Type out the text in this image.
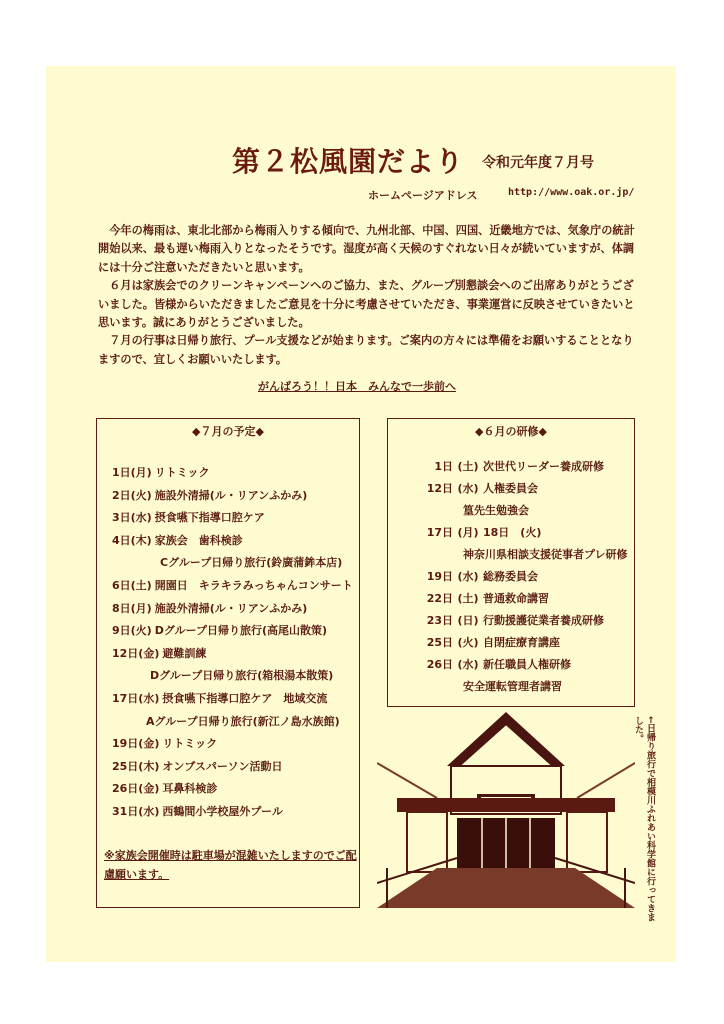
第２松風園だより 令和元年度７月号
ホームページアドレス	http://www.oak.or.jp/

今年の梅雨は、東北北部から梅雨入りする傾向で、九州北部、中国、四国、近畿地方では、気象庁の統計開始以来、最も遅い梅雨入りとなったそうです。湿度が高く天候のすぐれない日々が続いていますが、体調には十分ご注意いただきたいと思います。

６月は家族会でのクリーンキャンペーンへのご協力、また、グループ別懇談会へのご出席ありがとうございました。皆様からいただきましたご意見を十分に考慮させていただき、事業運営に反映させていきたいと思います。誠にありがとうございました。

７月の行事は日帰り旅行、プール支援などが始まります。ご案内の方々には準備をお願いすることとなりますので、宜しくお願いいたします。

がんばろう！！日本　みんなで一歩前へ
◆７月の予定◆
1日(月) リトミック
2日(火) 施設外清掃(ル・リアンふかみ)
3日(水) 摂食嚥下指導口腔ケア
4日(木) 家族会　歯科検診
Cグループ日帰り旅行(鈴廣蒲鉾本店)
6日(土) 開園日　キラキラみっちゃんコンサート
8日(月) 施設外清掃(ル・リアンふかみ)
9日(火) Dグループ日帰り旅行(高尾山散策)
12日(金) 避難訓練
Dグループ日帰り旅行(箱根湯本散策)
17日(水) 摂食嚥下指導口腔ケア　地域交流
Aグループ日帰り旅行(新江ノ島水族館)
19日(金) リトミック
25日(木) オンブスパーソン活動日
26日(金) 耳鼻科検診
31日(水) 西鶴間小学校屋外プール
※家族会開催時は駐車場が混雑いたしますのでご配慮願います。
◆６月の研修◆
1日 (土) 次世代リーダー養成研修
12日 (水) 人権委員会
篁先生勉強会
17日 (月) 18日　(火)
神奈川県相談支援従事者プレ研修
19日 (水) 総務委員会
22日 (土) 普通救命講習
23日 (日) 行動援護従業者養成研修
25日 (火) 自閉症療育講座
26日 (水) 新任職員人権研修
安全運転管理者講習
←日帰り旅行で相模川ふれあい科学館に行ってきました。
